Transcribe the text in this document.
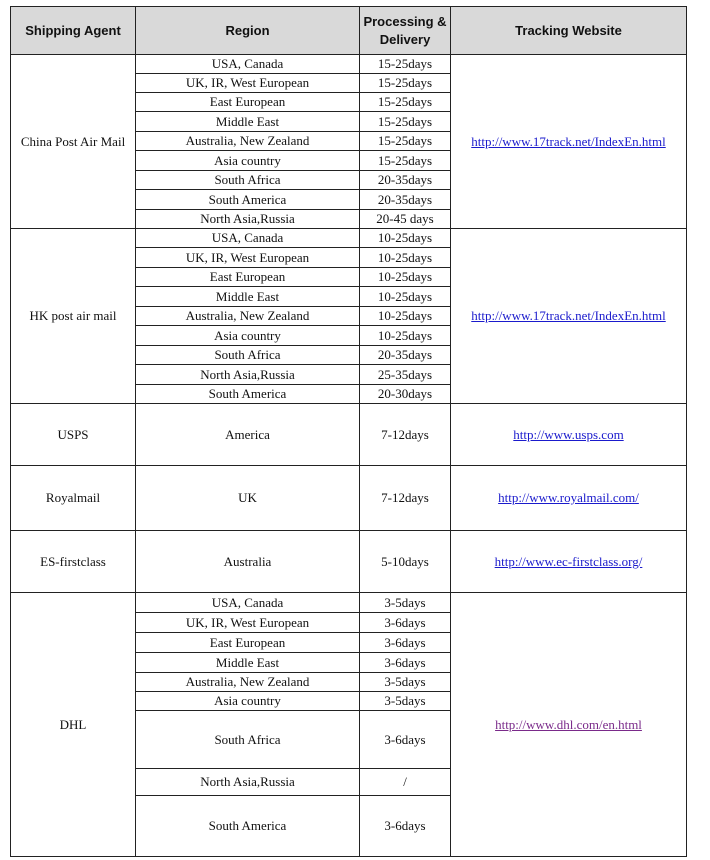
Shipping Agent	Region	Processing &
Delivery	Tracking Website
China Post Air Mail	USA, Canada	15-25days	http://www.17track.net/IndexEn.html
	UK, IR, West European	15-25days	
	East European	15-25days	
	Middle East	15-25days	
	Australia, New Zealand	15-25days	
	Asia country	15-25days	
	South Africa	20-35days	
	South America	20-35days	
	North Asia,Russia	20-45 days	
HK post air mail	USA, Canada	10-25days	http://www.17track.net/IndexEn.html
	UK, IR, West European	10-25days	
	East European	10-25days	
	Middle East	10-25days	
	Australia, New Zealand	10-25days	
	Asia country	10-25days	
	South Africa	20-35days	
	North Asia,Russia	25-35days	
	South America	20-30days	
USPS	America	7-12days	http://www.usps.com
Royalmail	UK	7-12days	http://www.royalmail.com/
ES-firstclass	Australia	5-10days	http://www.ec-firstclass.org/
DHL	USA, Canada	3-5days	http://www.dhl.com/en.html
	UK, IR, West European	3-6days	
	East European	3-6days	
	Middle East	3-6days	
	Australia, New Zealand	3-5days	
	Asia country	3-5days	
	South Africa	3-6days	
	North Asia,Russia	/	
	South America	3-6days	
